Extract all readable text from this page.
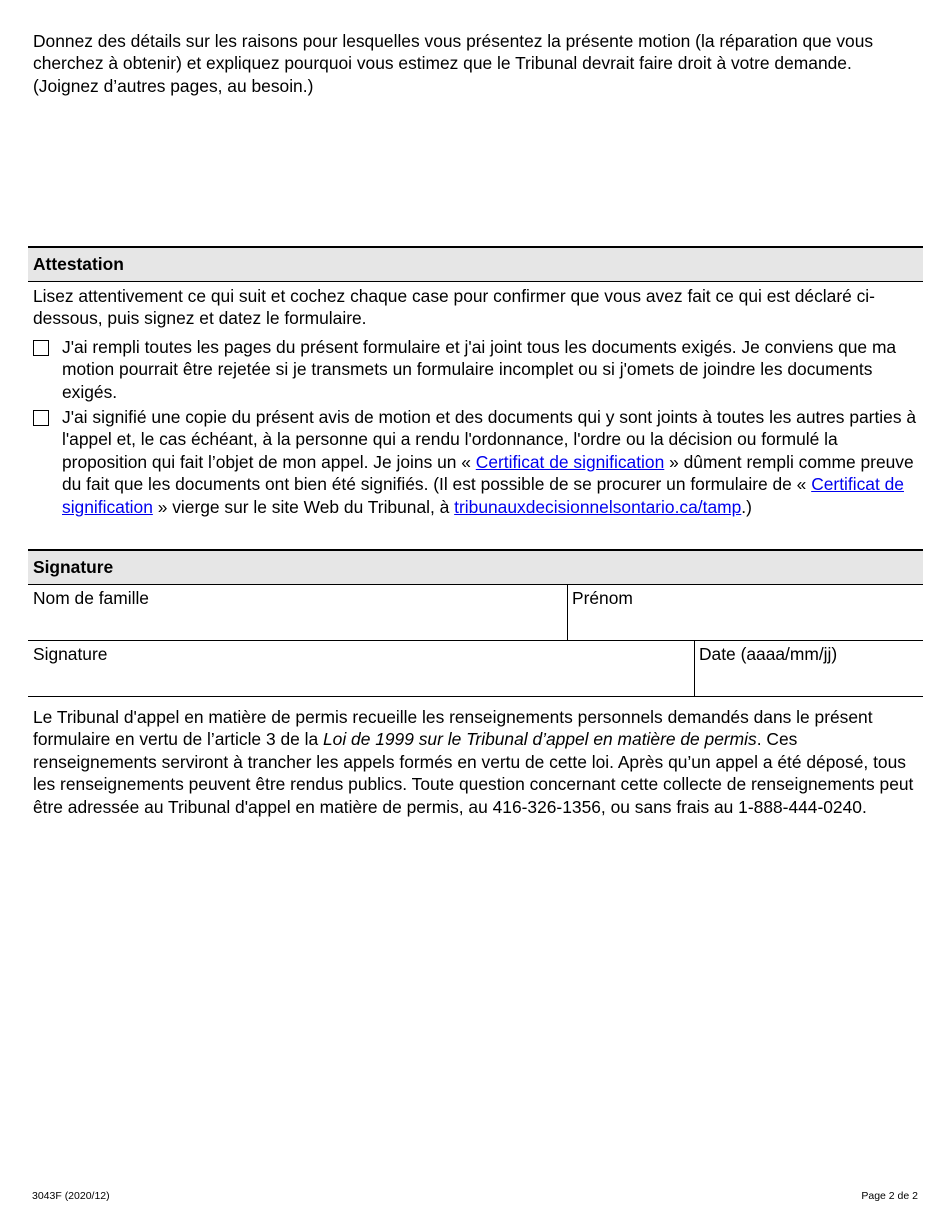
Donnez des détails sur les raisons pour lesquelles vous présentez la présente motion (la réparation que vous cherchez à obtenir) et expliquez pourquoi vous estimez que le Tribunal devrait faire droit à votre demande. (Joignez d’autres pages, au besoin.)
Attestation
Lisez attentivement ce qui suit et cochez chaque case pour confirmer que vous avez fait ce qui est déclaré ci-dessous, puis signez et datez le formulaire.
J'ai rempli toutes les pages du présent formulaire et j'ai joint tous les documents exigés. Je conviens que ma motion pourrait être rejetée si je transmets un formulaire incomplet ou si j'omets de joindre les documents exigés.
J'ai signifié une copie du présent avis de motion et des documents qui y sont joints à toutes les autres parties à l'appel et, le cas échéant, à la personne qui a rendu l'ordonnance, l'ordre ou la décision ou formulé la proposition qui fait l’objet de mon appel. Je joins un « Certificat de signification » dûment rempli comme preuve du fait que les documents ont bien été signifiés. (Il est possible de se procurer un formulaire de « Certificat de signification » vierge sur le site Web du Tribunal, à tribunauxdecisionnelsontario.ca/tamp.)
Signature
Nom de famille	Prénom
Signature	Date (aaaa/mm/jj)
Le Tribunal d'appel en matière de permis recueille les renseignements personnels demandés dans le présent formulaire en vertu de l’article 3 de la Loi de 1999 sur le Tribunal d’appel en matière de permis. Ces renseignements serviront à trancher les appels formés en vertu de cette loi. Après qu’un appel a été déposé, tous les renseignements peuvent être rendus publics. Toute question concernant cette collecte de renseignements peut être adressée au Tribunal d'appel en matière de permis, au 416-326-1356, ou sans frais au 1-888-444-0240.
3043F (2020/12)	Page 2 de 2
